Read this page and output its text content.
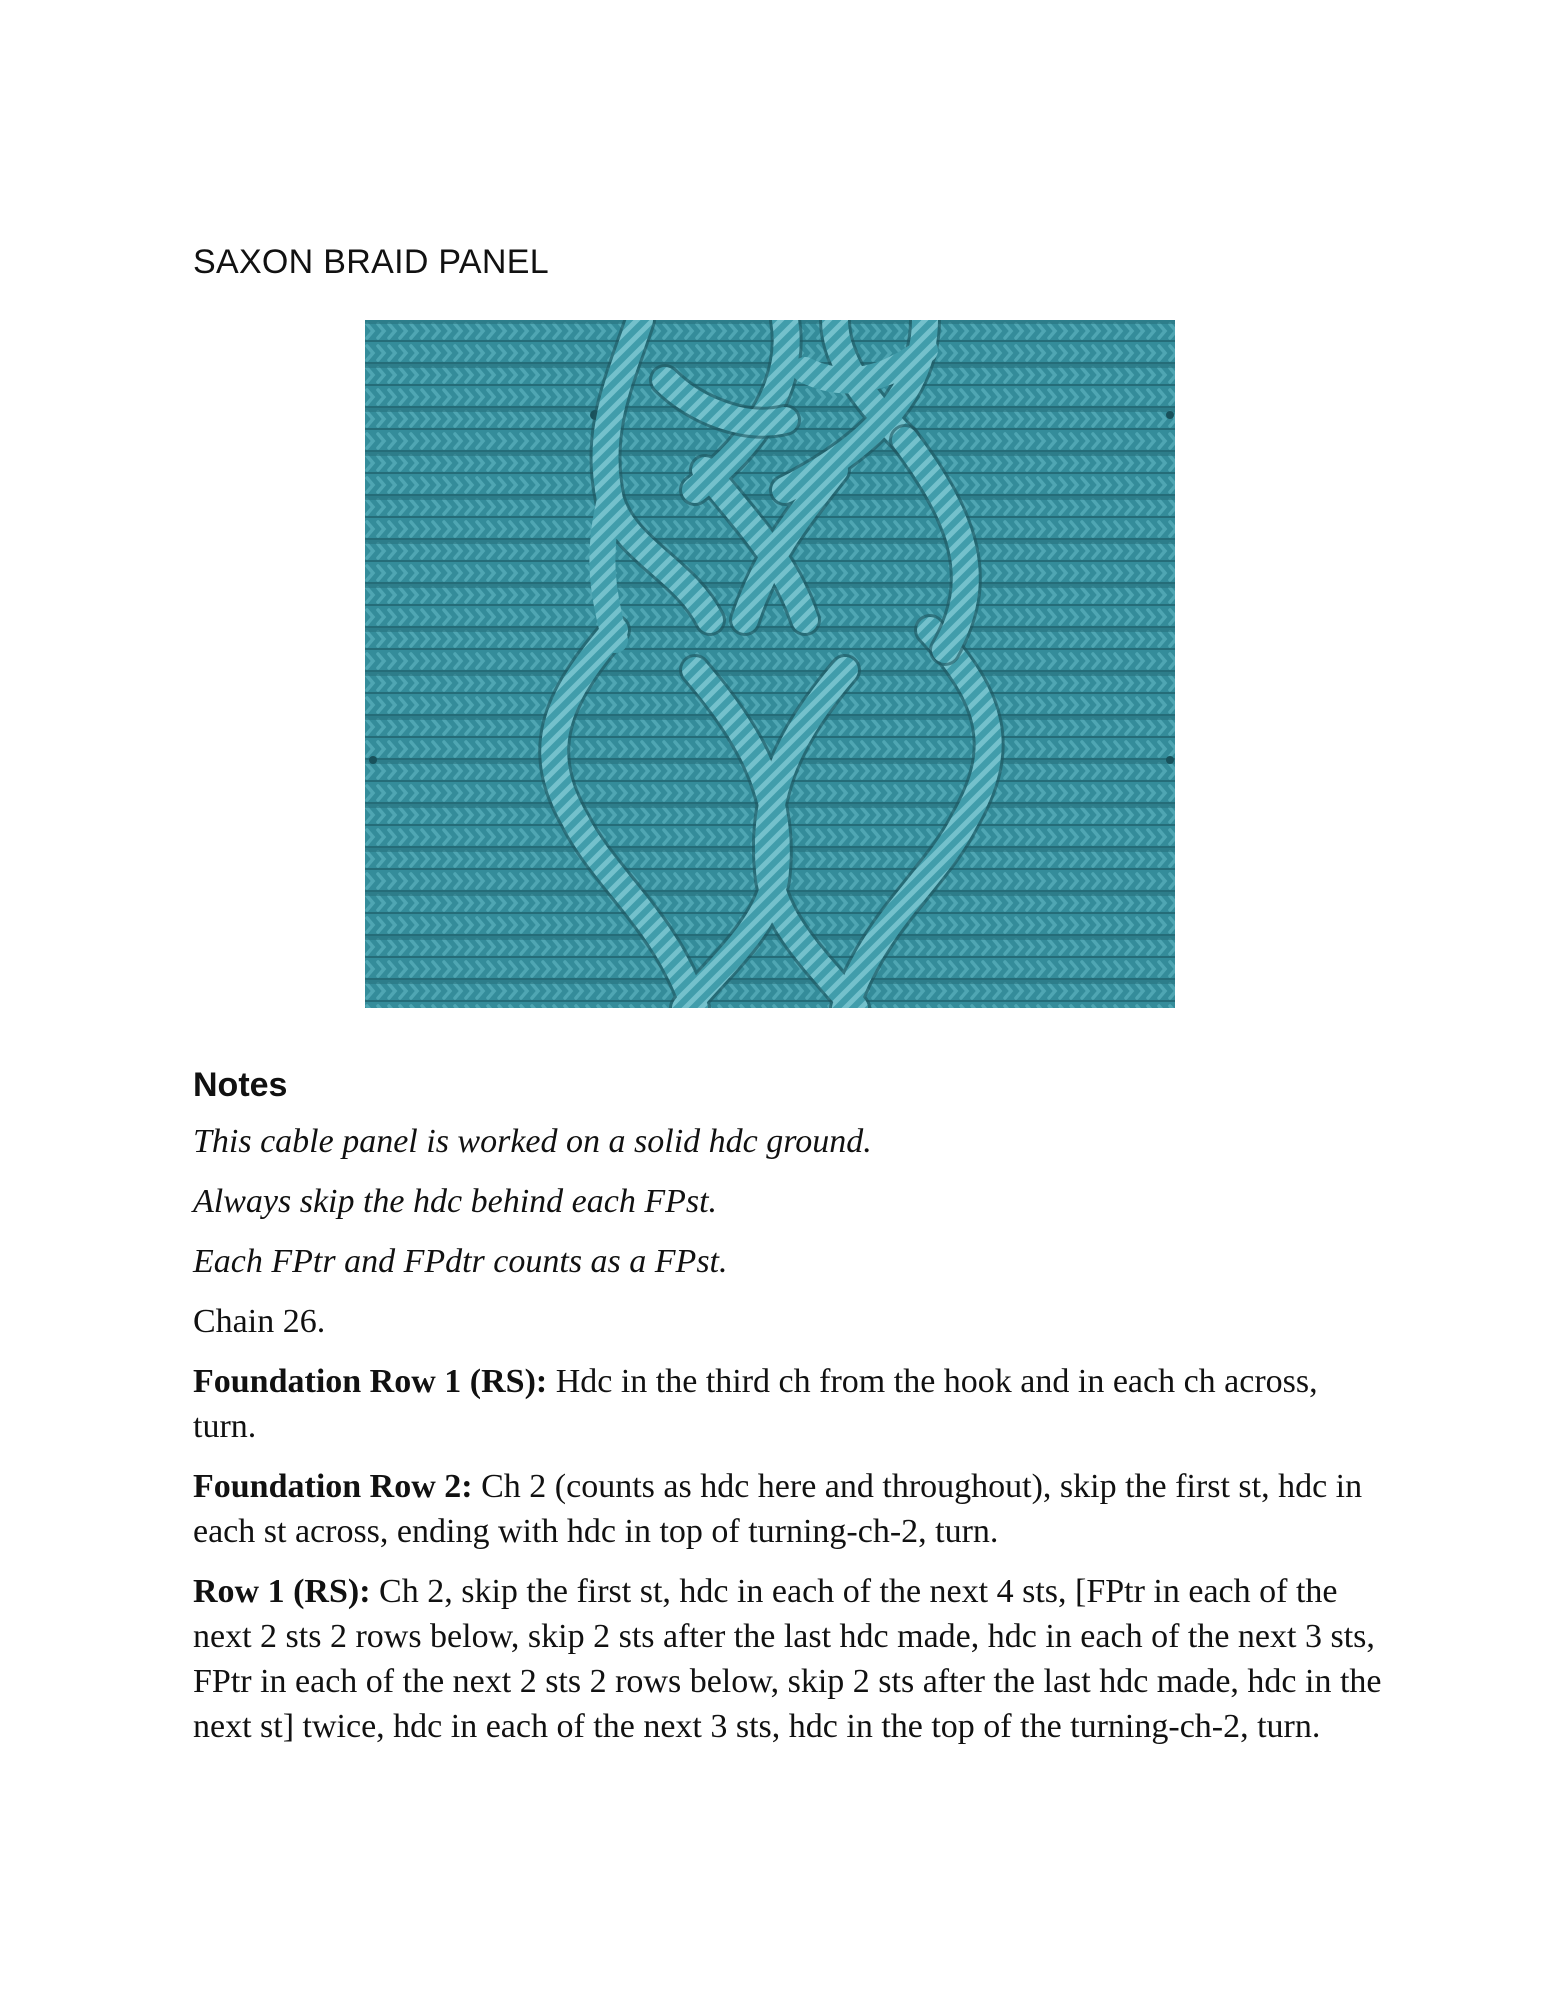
SAXON BRAID PANEL
Notes

This cable panel is worked on a solid hdc ground.

Always skip the hdc behind each FPst.

Each FPtr and FPdtr counts as a FPst.

Chain 26.

Foundation Row 1 (RS): Hdc in the third ch from the hook and in each ch across, turn.

Foundation Row 2: Ch 2 (counts as hdc here and throughout), skip the first st, hdc in each st across, ending with hdc in top of turning-ch-2, turn.

Row 1 (RS): Ch 2, skip the first st, hdc in each of the next 4 sts, [FPtr in each of the next 2 sts 2 rows below, skip 2 sts after the last hdc made, hdc in each of the next 3 sts, FPtr in each of the next 2 sts 2 rows below, skip 2 sts after the last hdc made, hdc in the next st] twice, hdc in each of the next 3 sts, hdc in the top of the turning-ch-2, turn.
